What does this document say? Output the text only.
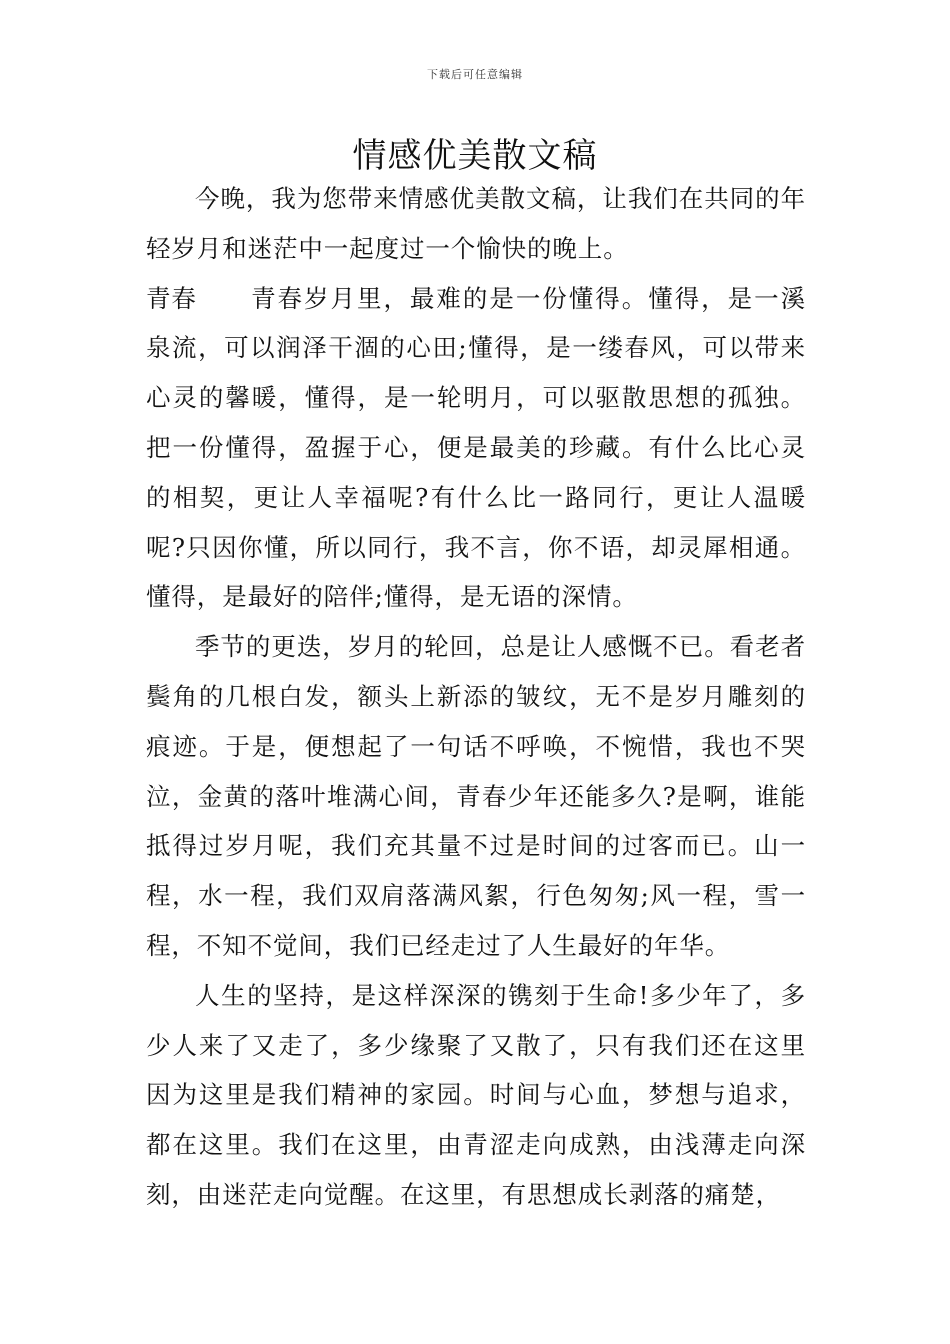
下载后可任意编辑
情感优美散文稿

今晚，我为您带来情感优美散文稿，让我们在共同的年轻岁月和迷茫中一起度过一个愉快的晚上。

青春 青春岁月里，最难的是一份懂得。懂得，是一溪泉流，可以润泽干涸的心田;懂得，是一缕春风，可以带来心灵的馨暖，懂得，是一轮明月，可以驱散思想的孤独。把一份懂得，盈握于心，便是最美的珍藏。有什么比心灵的相契，更让人幸福呢?有什么比一路同行，更让人温暖呢?只因你懂，所以同行，我不言，你不语，却灵犀相通。懂得，是最好的陪伴;懂得，是无语的深情。

季节的更迭，岁月的轮回，总是让人感慨不已。看老者鬓角的几根白发，额头上新添的皱纹，无不是岁月雕刻的痕迹。于是，便想起了一句话不呼唤，不惋惜，我也不哭泣，金黄的落叶堆满心间，青春少年还能多久?是啊，谁能抵得过岁月呢，我们充其量不过是时间的过客而已。山一程，水一程，我们双肩落满风絮，行色匆匆;风一程，雪一程，不知不觉间，我们已经走过了人生最好的年华。

人生的坚持，是这样深深的镌刻于生命!多少年了，多少人来了又走了，多少缘聚了又散了，只有我们还在这里因为这里是我们精神的家园。时间与心血，梦想与追求，都在这里。我们在这里，由青涩走向成熟，由浅薄走向深刻，由迷茫走向觉醒。在这里，有思想成长剥落的痛楚，
